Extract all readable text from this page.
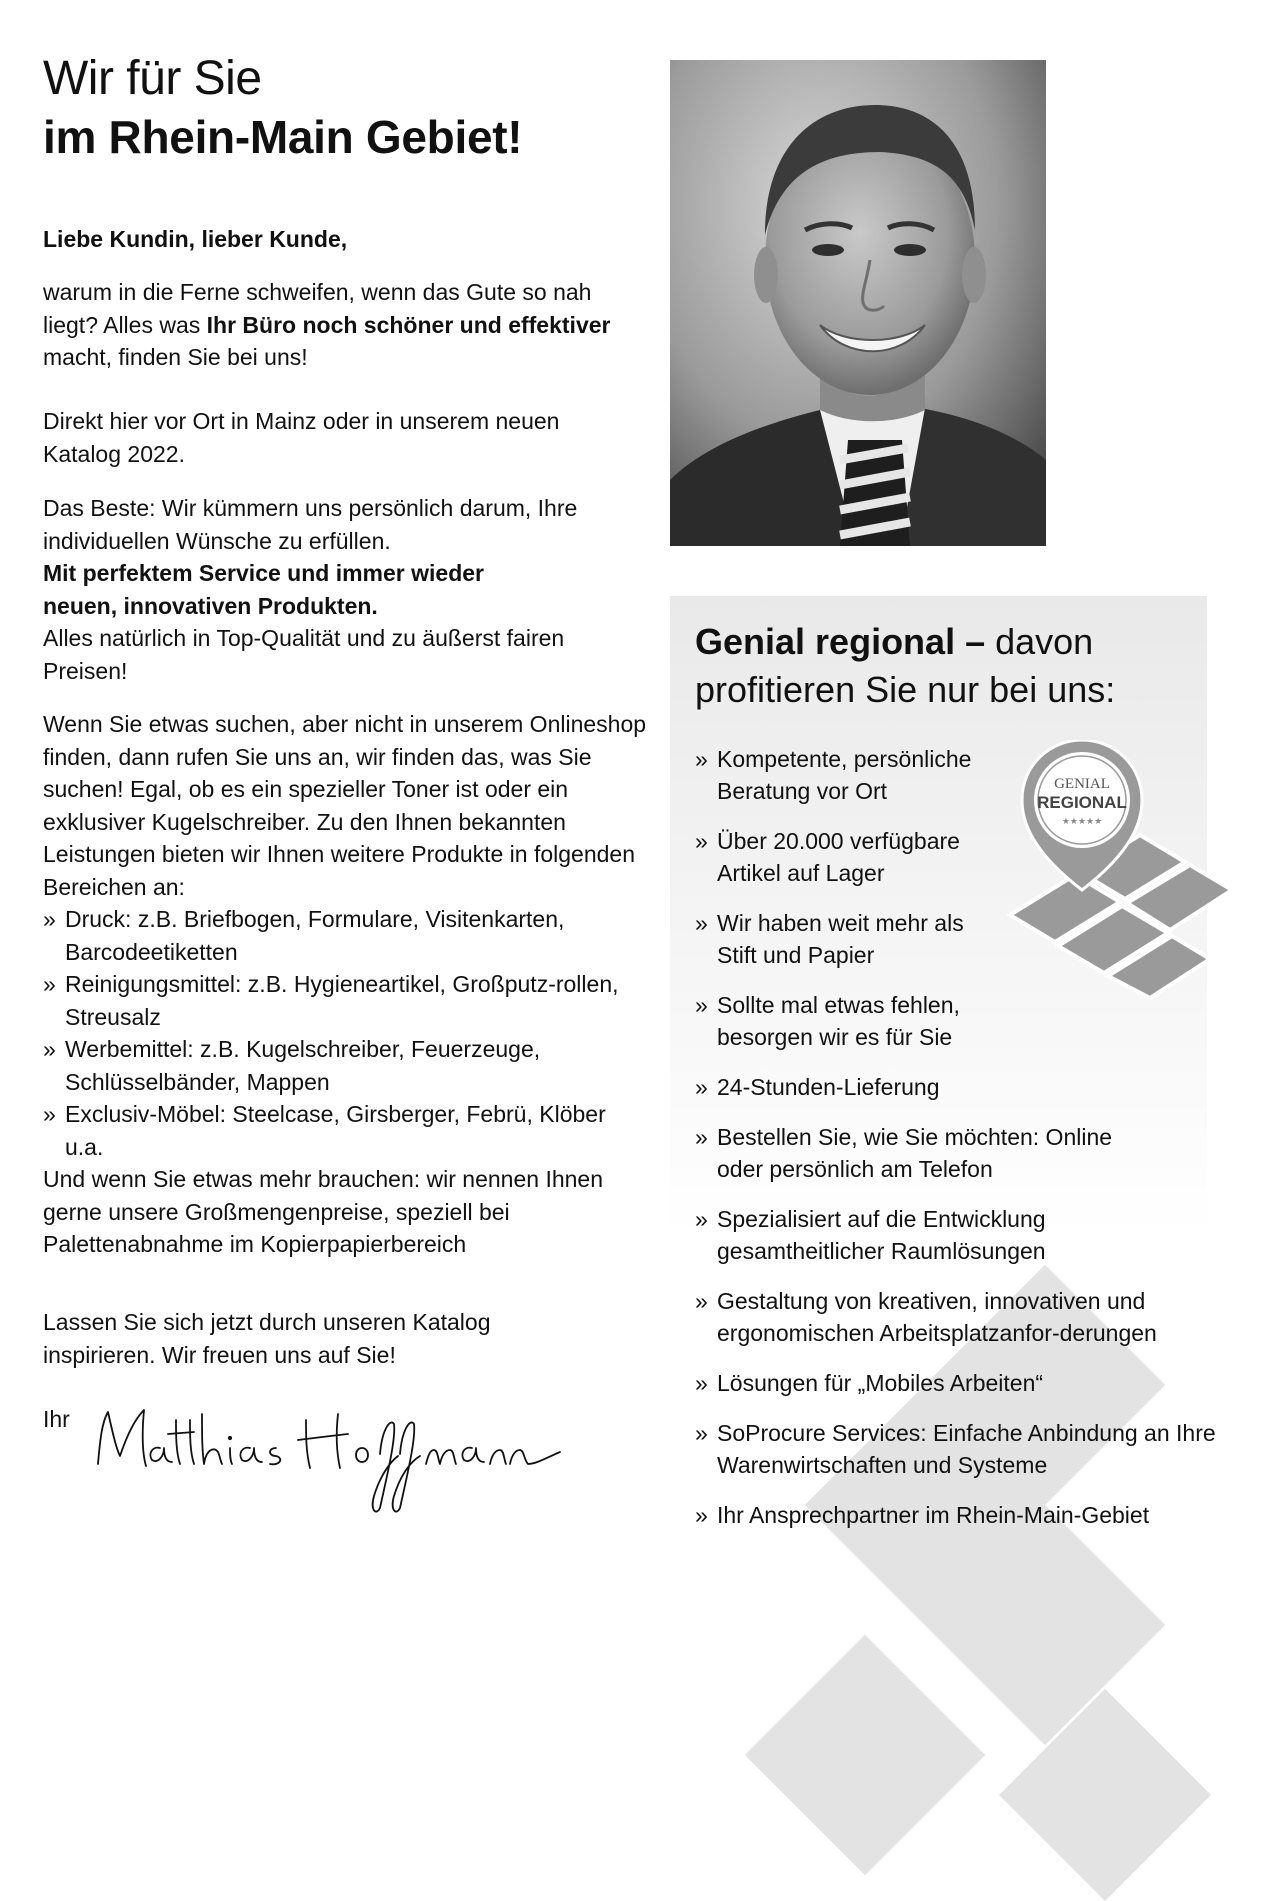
Wir für Sie
im Rhein-Main Gebiet!
Liebe Kundin, lieber Kunde,
warum in die Ferne schweifen, wenn das Gute so nah liegt? Alles was Ihr Büro noch schöner und effektiver macht, finden Sie bei uns!
Direkt hier vor Ort in Mainz oder in unserem neuen Katalog 2022.
Das Beste: Wir kümmern uns persönlich darum, Ihre individuellen Wünsche zu erfüllen.
Mit perfektem Service und immer wieder neuen, innovativen Produkten.
Alles natürlich in Top-Qualität und zu äußerst fairen Preisen!
Wenn Sie etwas suchen, aber nicht in unserem Onlineshop finden, dann rufen Sie uns an, wir finden das, was Sie suchen! Egal, ob es ein spezieller Toner ist oder ein exklusiver Kugelschreiber. Zu den Ihnen bekannten Leistungen bieten wir Ihnen weitere Produkte in folgenden Bereichen an:
» Druck: z.B. Briefbogen, Formulare, Visitenkarten, Barcodeetiketten
» Reinigungsmittel: z.B. Hygieneartikel, Großputz-rollen, Streusalz
» Werbemittel: z.B. Kugelschreiber, Feuerzeuge, Schlüsselbänder, Mappen
» Exclusiv-Möbel: Steelcase, Girsberger, Febrü, Klöber u.a.
Und wenn Sie etwas mehr brauchen: wir nennen Ihnen gerne unsere Großmengenpreise, speziell bei Palettenabnahme im Kopierpapierbereich
Lassen Sie sich jetzt durch unseren Katalog inspirieren. Wir freuen uns auf Sie!
Ihr
Genial regional – davon profitieren Sie nur bei uns:
» Kompetente, persönliche Beratung vor Ort
» Über 20.000 verfügbare Artikel auf Lager
» Wir haben weit mehr als Stift und Papier
» Sollte mal etwas fehlen, besorgen wir es für Sie
» 24-Stunden-Lieferung
» Bestellen Sie, wie Sie möchten: Online oder persönlich am Telefon
» Spezialisiert auf die Entwicklung gesamtheitlicher Raumlösungen
» Gestaltung von kreativen, innovativen und ergonomischen Arbeitsplatzanfor-derungen
» Lösungen für „Mobiles Arbeiten“
» SoProcure Services: Einfache Anbindung an Ihre Warenwirtschaften und Systeme
» Ihr Ansprechpartner im Rhein-Main-Gebiet
GENIAL
REGIONAL
★★★★★
